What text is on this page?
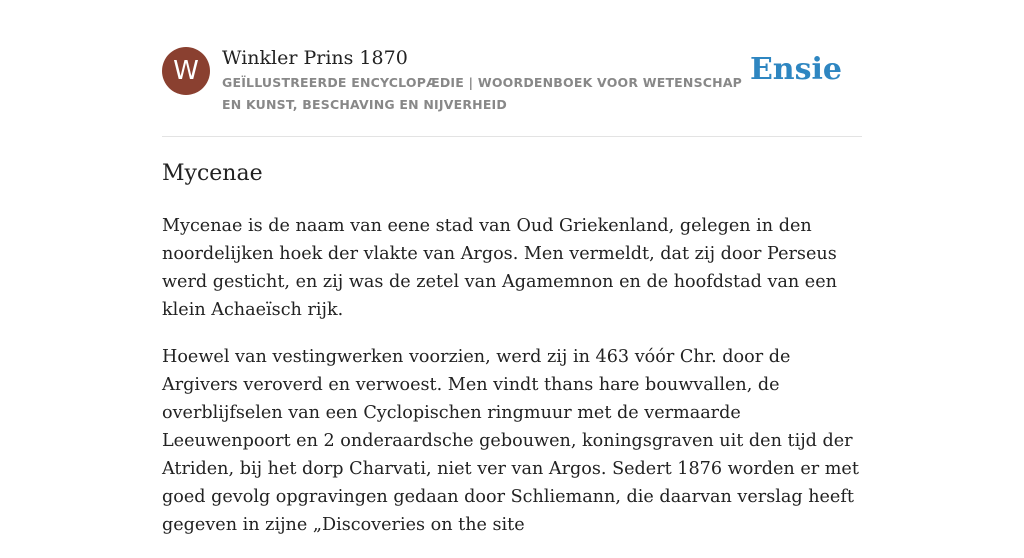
W	Winkler Prins 1870
GEÏLLUSTREERDE ENCYCLOPÆDIE | WOORDENBOEK VOOR WETENSCHAP EN KUNST, BESCHAVING EN NIJVERHEID
Ensie
Mycenae

Mycenae is de naam van eene stad van Oud Griekenland, gelegen in den noordelijken hoek der vlakte van Argos. Men vermeldt, dat zij door Perseus werd gesticht, en zij was de zetel van Agamemnon en de hoofdstad van een klein Achaeïsch rijk.

Hoewel van vestingwerken voorzien, werd zij in 463 vóór Chr. door de Argivers veroverd en verwoest. Men vindt thans hare bouwvallen, de overblijfselen van een Cyclopischen ringmuur met de vermaarde Leeuwenpoort en 2 onderaardsche gebouwen, koningsgraven uit den tijd der Atriden, bij het dorp Charvati, niet ver van Argos. Sedert 1876 worden er met goed gevolg opgravingen gedaan door Schliemann, die daarvan verslag heeft gegeven in zijne „Discoveries on the site
